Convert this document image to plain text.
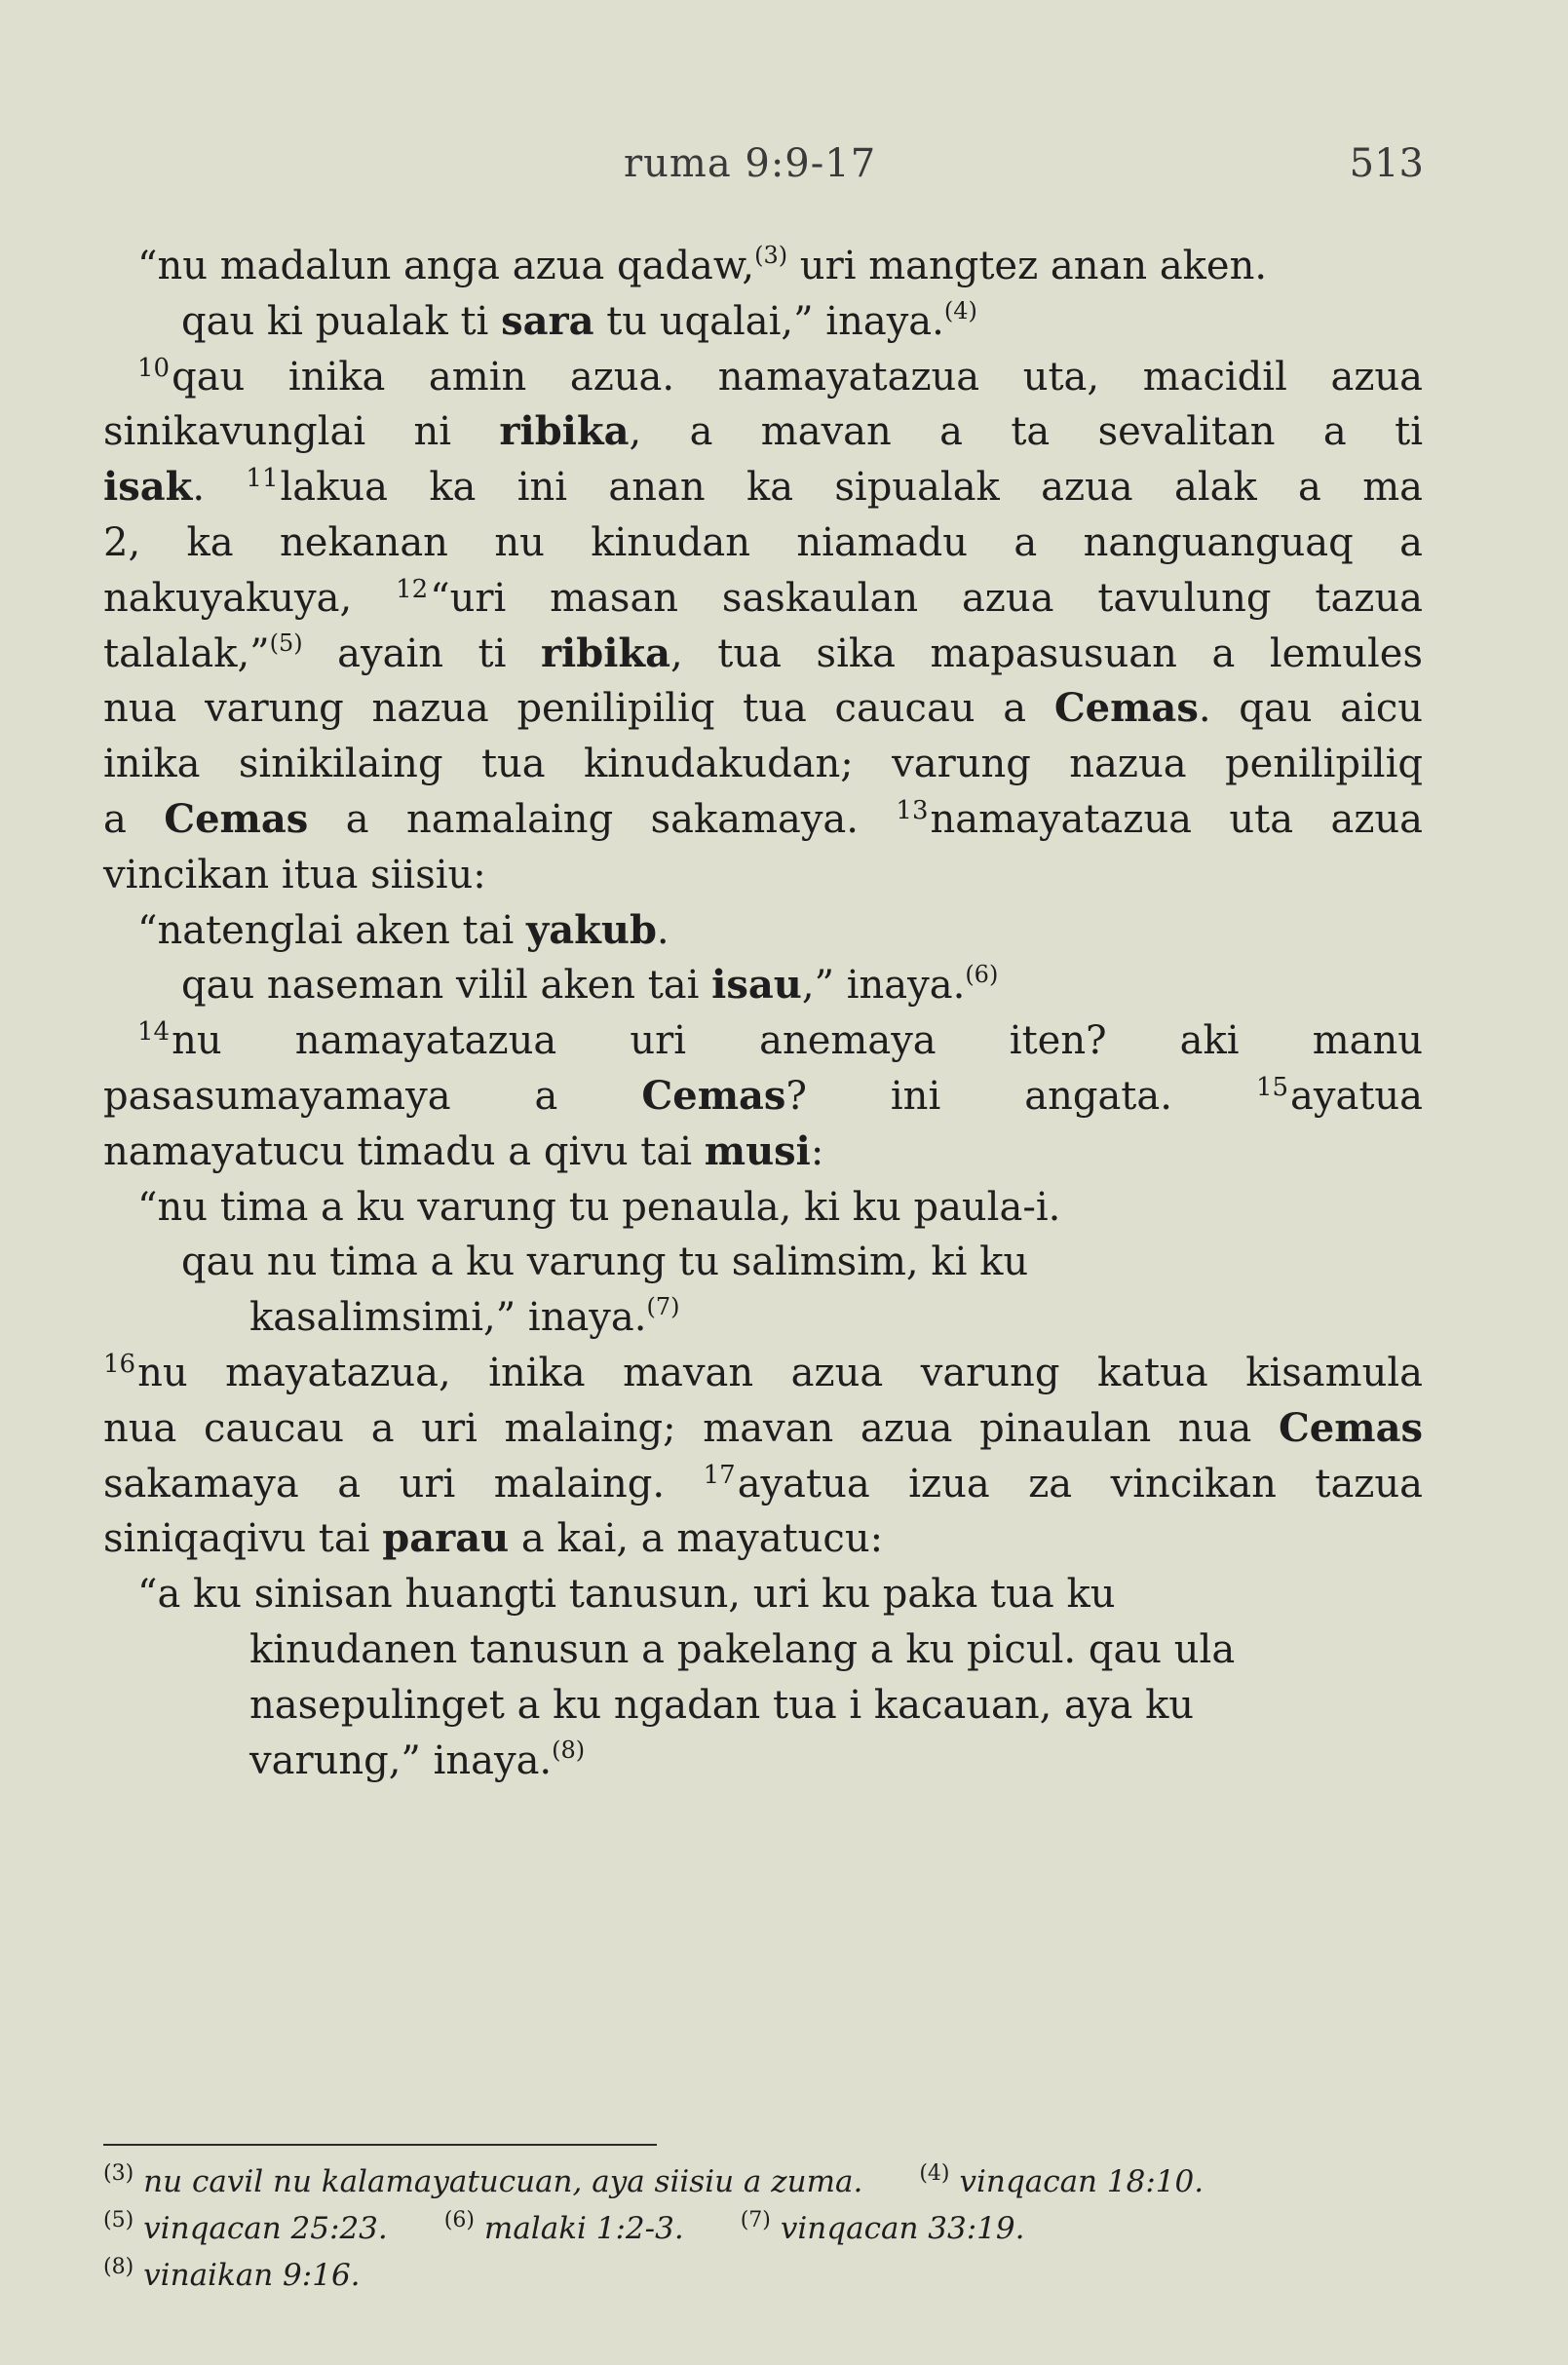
ruma 9:9-17	513
“nu madalun anga azua qadaw,$^{(3)}$ uri mangtez anan aken.
qau ki pualak ti sara tu uqalai,” inaya.$^{(4)}$
$^{10}$qau inika amin azua. namayatazua uta, macidil azua
sinikavunglai ni ribika, a mavan a ta sevalitan a ti
isak. $^{11}$lakua ka ini anan ka sipualak azua alak a ma
2, ka nekanan nu kinudan niamadu a nanguanguaq a
nakuyakuya, $^{12}$“uri masan saskaulan azua tavulung tazua
talalak,”$^{(5)}$ ayain ti ribika, tua sika mapasusuan a lemules
nua varung nazua penilipiliq tua caucau a Cemas. qau aicu
inika sinikilaing tua kinudakudan; varung nazua penilipiliq
a Cemas a namalaing sakamaya. $^{13}$namayatazua uta azua
vincikan itua siisiu:
“natenglai aken tai yakub.
qau naseman vilil aken tai isau,” inaya.$^{(6)}$
$^{14}$nu namayatazua uri anemaya iten? aki manu
pasasumayamaya a Cemas? ini angata. $^{15}$ayatua
namayatucu timadu a qivu tai musi:
“nu tima a ku varung tu penaula, ki ku paula-i.
qau nu tima a ku varung tu salimsim, ki ku
kasalimsimi,” inaya.$^{(7)}$
$^{16}$nu mayatazua, inika mavan azua varung katua kisamula
nua caucau a uri malaing; mavan azua pinaulan nua Cemas
sakamaya a uri malaing. $^{17}$ayatua izua za vincikan tazua
siniqaqivu tai parau a kai, a mayatucu:
“a ku sinisan huangti tanusun, uri ku paka tua ku
kinudanen tanusun a pakelang a ku picul. qau ula
nasepulinget a ku ngadan tua i kacauan, aya ku
varung,” inaya.$^{(8)}$
$^{(3)}$ nu cavil nu kalamayatucuan, aya siisiu a zuma.	$^{(4)}$ vinqacan 18:10.
$^{(5)}$ vinqacan 25:23.	$^{(6)}$ malaki 1:2-3.	$^{(7)}$ vinqacan 33:19.
$^{(8)}$ vinaikan 9:16.
